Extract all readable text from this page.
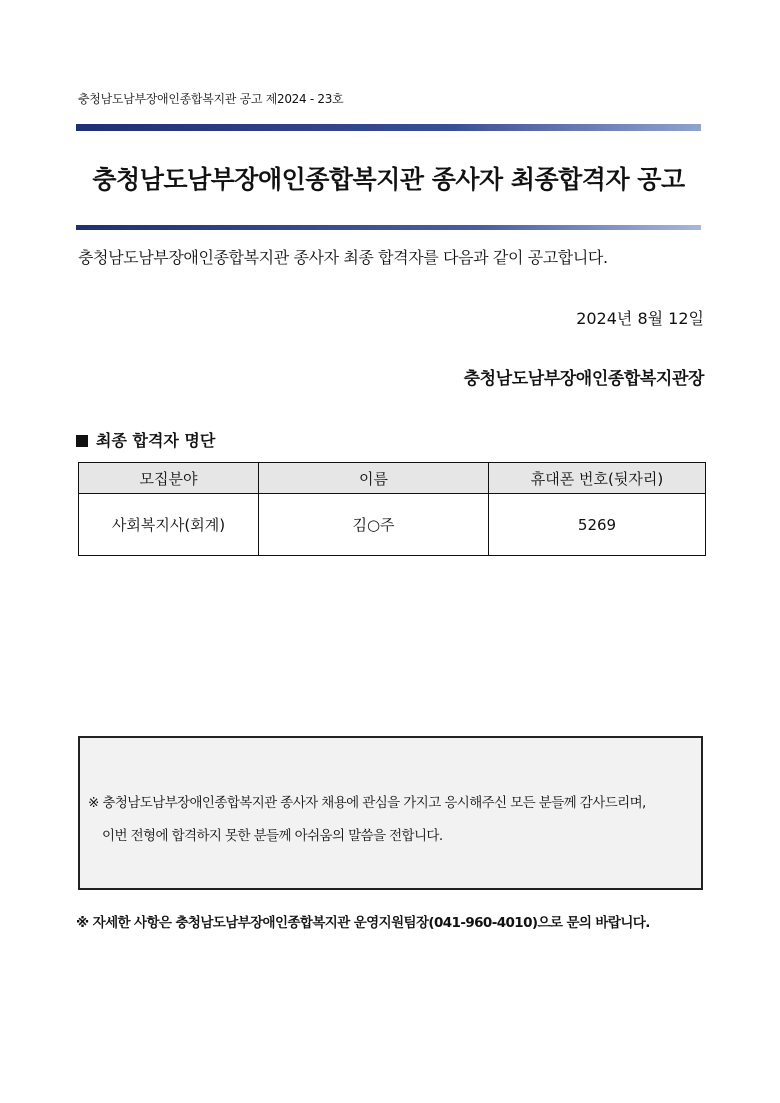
충청남도남부장애인종합복지관 공고 제2024 - 23호
충청남도남부장애인종합복지관 종사자 최종합격자 공고

충청남도남부장애인종합복지관 종사자 최종 합격자를 다음과 같이 공고합니다.

2024년 8월 12일
충청남도남부장애인종합복지관장
최종 합격자 명단
모집분야	이름	휴대폰 번호(뒷자리)
사회복지사(회계)	김○주	5269
※ 충청남도남부장애인종합복지관 종사자 채용에 관심을 가지고 응시해주신 모든 분들께 감사드리며,
이번 전형에 합격하지 못한 분들께 아쉬움의 말씀을 전합니다.
※ 자세한 사항은 충청남도남부장애인종합복지관 운영지원팀장(041-960-4010)으로 문의 바랍니다.
